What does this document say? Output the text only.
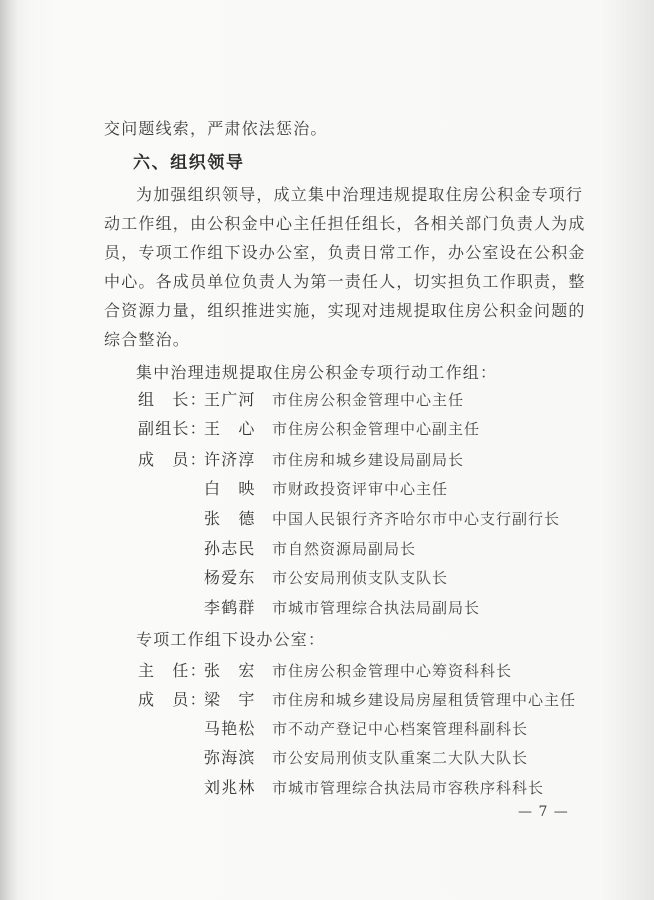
交问题线索，严肃依法惩治。
六、组织领导
为加强组织领导，成立集中治理违规提取住房公积金专项行
动工作组，由公积金中心主任担任组长，各相关部门负责人为成
员，专项工作组下设办公室，负责日常工作，办公室设在公积金
中心。各成员单位负责人为第一责任人，切实担负工作职责，整
合资源力量，组织推进实施，实现对违规提取住房公积金问题的
综合整治。
集中治理违规提取住房公积金专项行动工作组：
组　长：
王广河 市住房公积金管理中心主任
副组长：
王　心 市住房公积金管理中心副主任
成　员：
许济淳 市住房和城乡建设局副局长
白　映 市财政投资评审中心主任
张　德 中国人民银行齐齐哈尔市中心支行副行长
孙志民 市自然资源局副局长
杨爱东 市公安局刑侦支队支队长
李鹤群 市城市管理综合执法局副局长
专项工作组下设办公室：
主　任：
张　宏 市住房公积金管理中心筹资科科长
成　员：
梁　宇 市住房和城乡建设局房屋租赁管理中心主任
马艳松 市不动产登记中心档案管理科副科长
弥海滨 市公安局刑侦支队重案二大队大队长
刘兆林 市城市管理综合执法局市容秩序科科长
— 7 —
